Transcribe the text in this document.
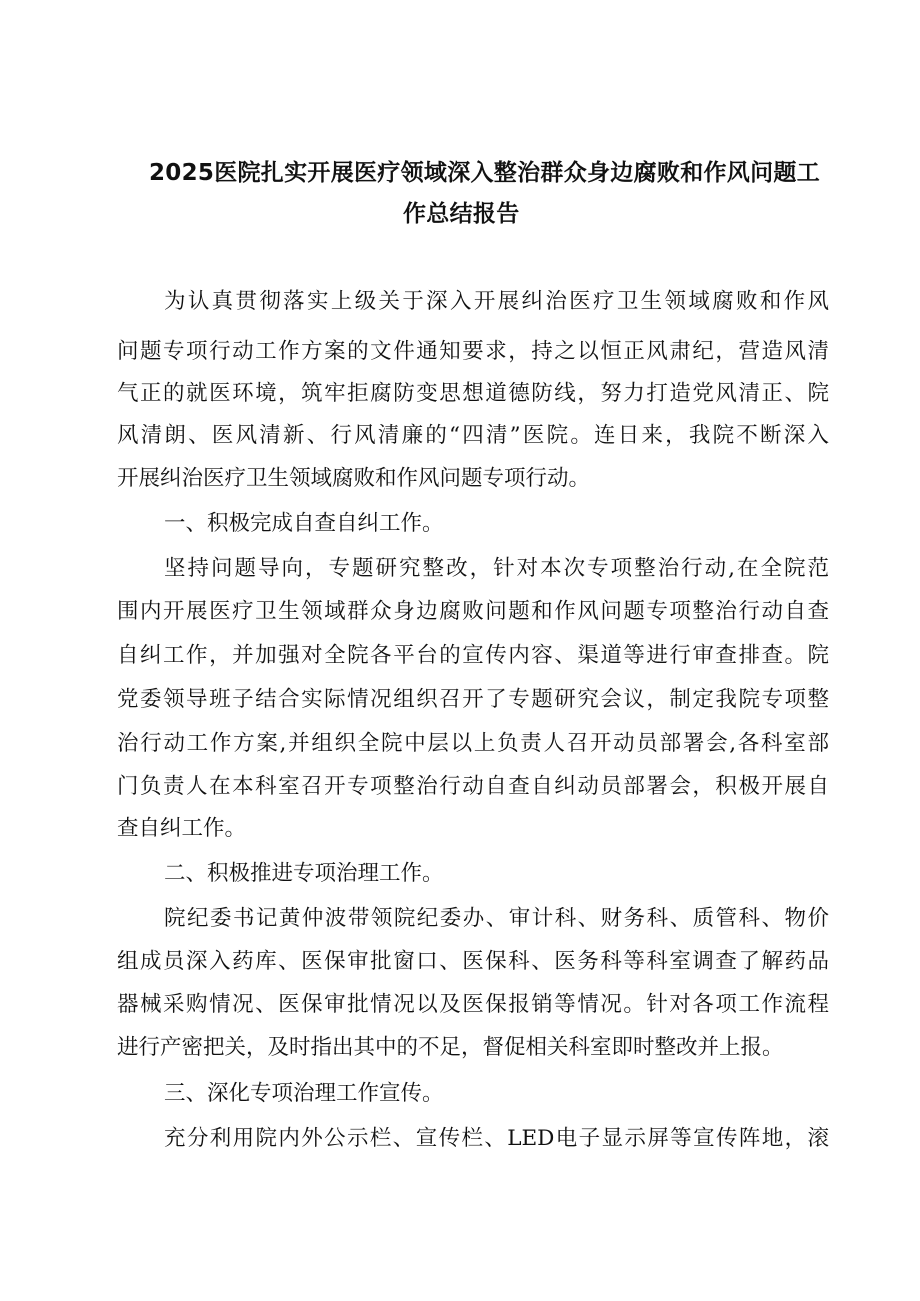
2025医院扎实开展医疗领域深入整治群众身边腐败和作风问题工
作总结报告
为认真贯彻落实上级关于深入开展纠治医疗卫生领域腐败和作风
问题专项行动工作方案的文件通知要求，持之以恒正风肃纪，营造风清
气正的就医环境，筑牢拒腐防变思想道德防线，努力打造党风清正、院
风清朗、医风清新、行风清廉的“四清”医院。连日来，我院不断深入
开展纠治医疗卫生领域腐败和作风问题专项行动。
一、积极完成自查自纠工作。
坚持问题导向，专题研究整改，针对本次专项整治行动,在全院范
围内开展医疗卫生领域群众身边腐败问题和作风问题专项整治行动自查
自纠工作，并加强对全院各平台的宣传内容、渠道等进行审查排查。院
党委领导班子结合实际情况组织召开了专题研究会议，制定我院专项整
治行动工作方案,并组织全院中层以上负责人召开动员部署会,各科室部
门负责人在本科室召开专项整治行动自查自纠动员部署会，积极开展自
查自纠工作。
二、积极推进专项治理工作。
院纪委书记黄仲波带领院纪委办、审计科、财务科、质管科、物价
组成员深入药库、医保审批窗口、医保科、医务科等科室调查了解药品
器械采购情况、医保审批情况以及医保报销等情况。针对各项工作流程
进行产密把关，及时指出其中的不足，督促相关科室即时整改并上报。
三、深化专项治理工作宣传。
充分利用院内外公示栏、宣传栏、LED电子显示屏等宣传阵地，滚
